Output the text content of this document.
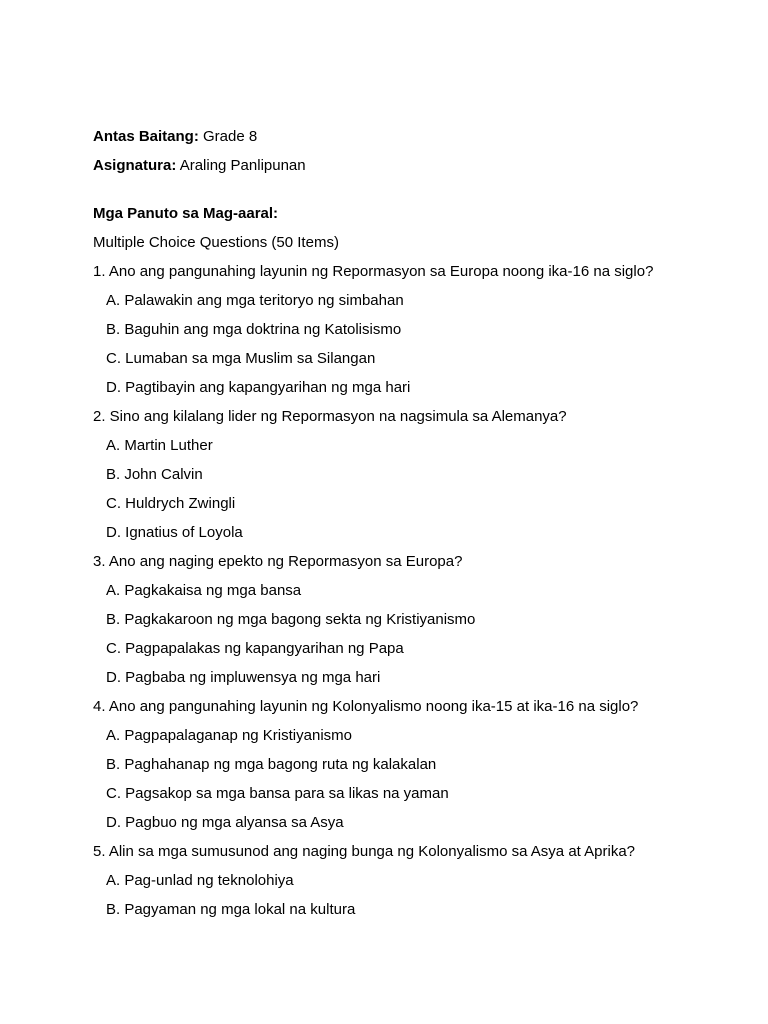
Antas Baitang: Grade 8
Asignatura: Araling Panlipunan
Mga Panuto sa Mag-aaral:
Multiple Choice Questions (50 Items)
1. Ano ang pangunahing layunin ng Repormasyon sa Europa noong ika-16 na siglo?
A. Palawakin ang mga teritoryo ng simbahan
B. Baguhin ang mga doktrina ng Katolisismo
C. Lumaban sa mga Muslim sa Silangan
D. Pagtibayin ang kapangyarihan ng mga hari
2. Sino ang kilalang lider ng Repormasyon na nagsimula sa Alemanya?
A. Martin Luther
B. John Calvin
C. Huldrych Zwingli
D. Ignatius of Loyola
3. Ano ang naging epekto ng Repormasyon sa Europa?
A. Pagkakaisa ng mga bansa
B. Pagkakaroon ng mga bagong sekta ng Kristiyanismo
C. Pagpapalakas ng kapangyarihan ng Papa
D. Pagbaba ng impluwensya ng mga hari
4. Ano ang pangunahing layunin ng Kolonyalismo noong ika-15 at ika-16 na siglo?
A. Pagpapalaganap ng Kristiyanismo
B. Paghahanap ng mga bagong ruta ng kalakalan
C. Pagsakop sa mga bansa para sa likas na yaman
D. Pagbuo ng mga alyansa sa Asya
5. Alin sa mga sumusunod ang naging bunga ng Kolonyalismo sa Asya at Aprika?
A. Pag-unlad ng teknolohiya
B. Pagyaman ng mga lokal na kultura
